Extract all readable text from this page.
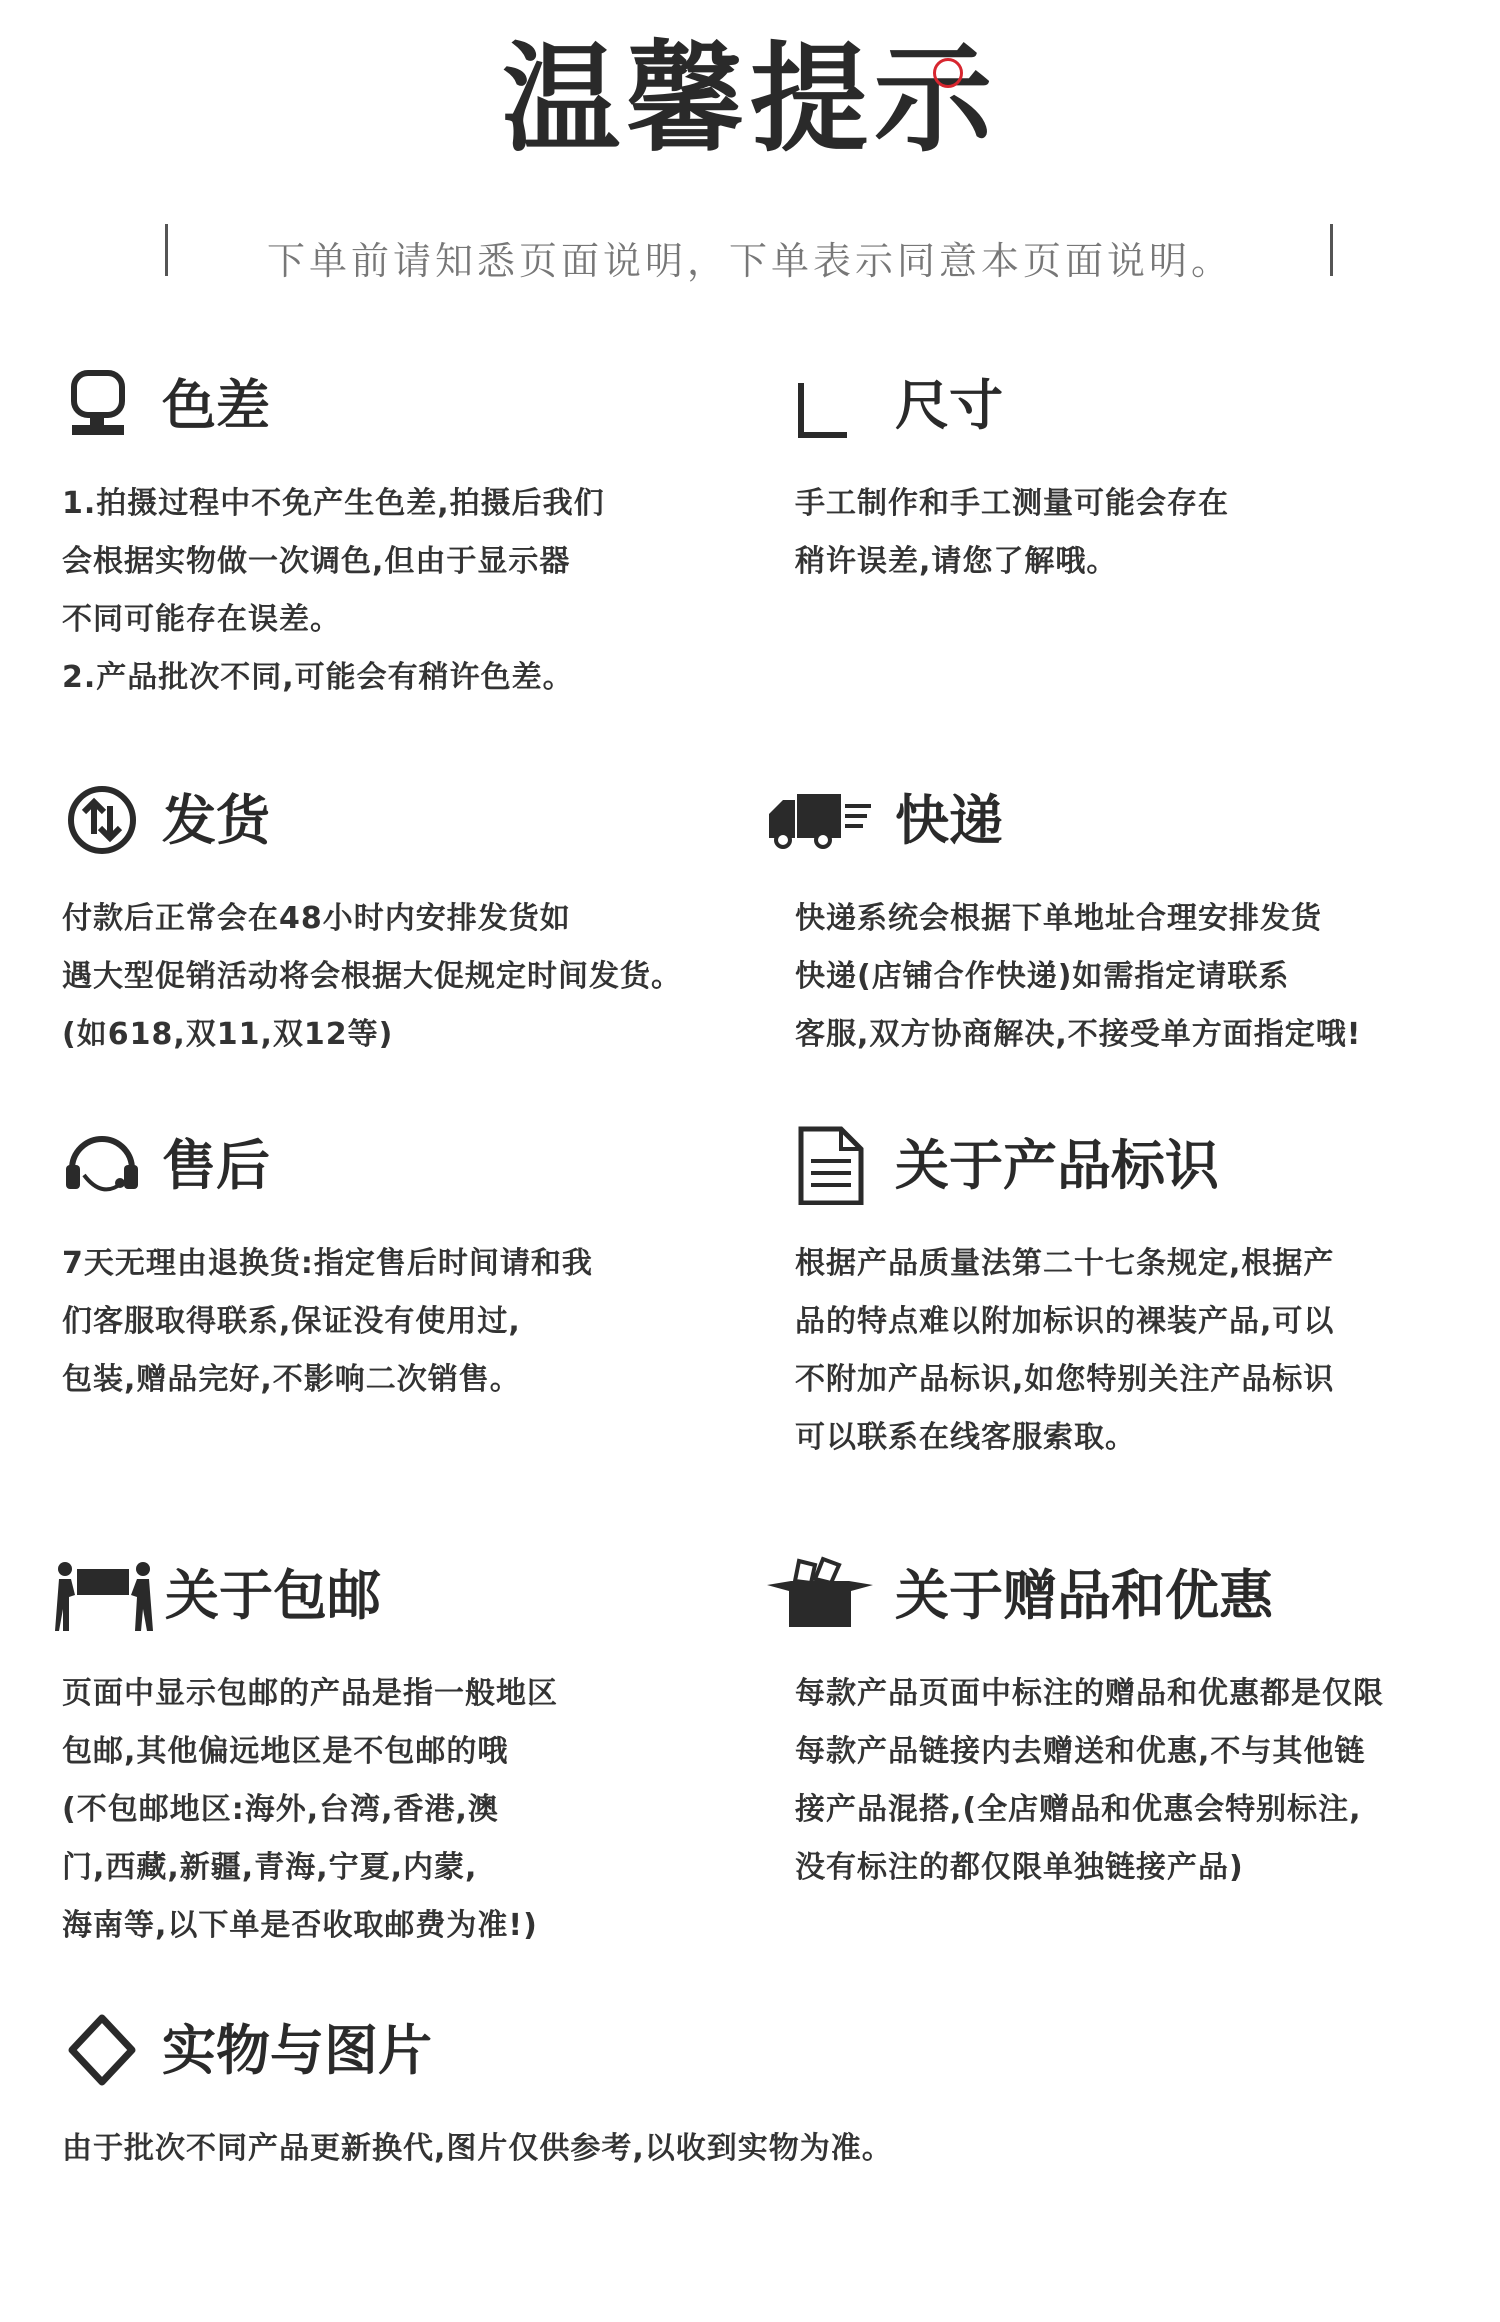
温馨提示
下单前请知悉页面说明，下单表示同意本页面说明。
色差
1.拍摄过程中不免产生色差,拍摄后我们
会根据实物做一次调色,但由于显示器
不同可能存在误差。
2.产品批次不同,可能会有稍许色差。
尺寸
手工制作和手工测量可能会存在
稍许误差,请您了解哦。
发货
付款后正常会在48小时内安排发货如
遇大型促销活动将会根据大促规定时间发货。
(如618,双11,双12等)
快递
快递系统会根据下单地址合理安排发货
快递(店铺合作快递)如需指定请联系
客服,双方协商解决,不接受单方面指定哦!
售后
7天无理由退换货:指定售后时间请和我
们客服取得联系,保证没有使用过,
包装,赠品完好,不影响二次销售。
关于产品标识
根据产品质量法第二十七条规定,根据产
品的特点难以附加标识的裸装产品,可以
不附加产品标识,如您特别关注产品标识
可以联系在线客服索取。
关于包邮
页面中显示包邮的产品是指一般地区
包邮,其他偏远地区是不包邮的哦
(不包邮地区:海外,台湾,香港,澳
门,西藏,新疆,青海,宁夏,内蒙,
海南等,以下单是否收取邮费为准!)
关于赠品和优惠
每款产品页面中标注的赠品和优惠都是仅限
每款产品链接内去赠送和优惠,不与其他链
接产品混搭,(全店赠品和优惠会特别标注,
没有标注的都仅限单独链接产品)
实物与图片
由于批次不同产品更新换代,图片仅供参考,以收到实物为准。
